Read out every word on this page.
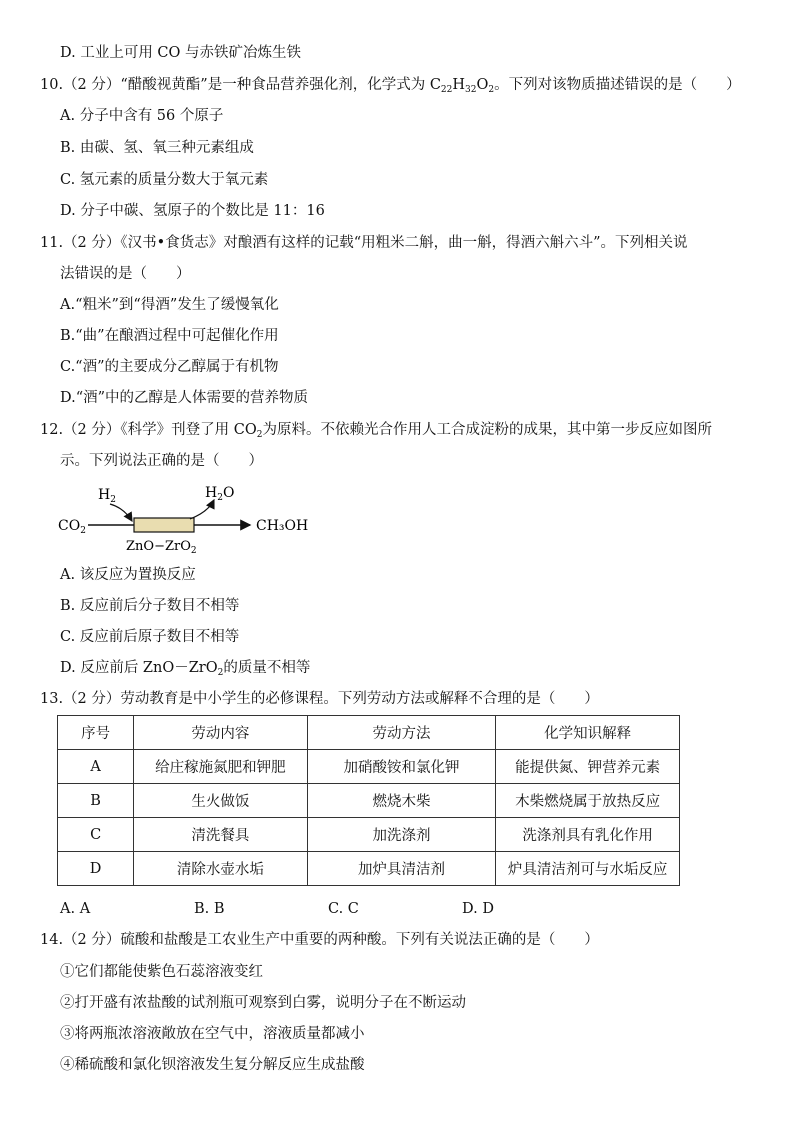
D. 工业上可用 CO 与赤铁矿冶炼生铁
10.（2 分）“醋酸视黄酯”是一种食品营养强化剂，化学式为 $C_{22}H_{32}O_2$。下列对该物质描述错误的是（　　）
A. 分子中含有 56 个原子
B. 由碳、氢、氧三种元素组成
C. 氢元素的质量分数大于氧元素
D. 分子中碳、氢原子的个数比是 11：16
11.（2 分）《汉书•食货志》对酿酒有这样的记载“用粗米二斛，曲一斛，得酒六斛六斗”。下列相关说
法错误的是（　　）
A.“粗米”到“得酒”发生了缓慢氧化
B.“曲”在酿酒过程中可起催化作用
C.“酒”的主要成分乙醇属于有机物
D.“酒”中的乙醇是人体需要的营养物质
12.（2 分）《科学》刊登了用 $CO_2$为原料。不依赖光合作用人工合成淀粉的成果，其中第一步反应如图所
示。下列说法正确的是（　　）
$CO_2$	CH₃OH
$H_2$	$H_2O$
ZnO−ZrO$_2$
A. 该反应为置换反应
B. 反应前后分子数目不相等
C. 反应前后原子数目不相等
D. 反应前后 ZnO－ZrO$_2$的质量不相等
13.（2 分）劳动教育是中小学生的必修课程。下列劳动方法或解释不合理的是（　　）
序号	劳动内容	劳动方法	化学知识解释
A	给庄稼施氮肥和钾肥	加硝酸铵和氯化钾	能提供氮、钾营养元素
B	生火做饭	燃烧木柴	木柴燃烧属于放热反应
C	清洗餐具	加洗涤剂	洗涤剂具有乳化作用
D	清除水壶水垢	加炉具清洁剂	炉具清洁剂可与水垢反应
A. A	B. B	C. C	D. D
14.（2 分）硫酸和盐酸是工农业生产中重要的两种酸。下列有关说法正确的是（　　）
①它们都能使紫色石蕊溶液变红
②打开盛有浓盐酸的试剂瓶可观察到白雾，说明分子在不断运动
③将两瓶浓溶液敞放在空气中，溶液质量都减小
④稀硫酸和氯化钡溶液发生复分解反应生成盐酸
